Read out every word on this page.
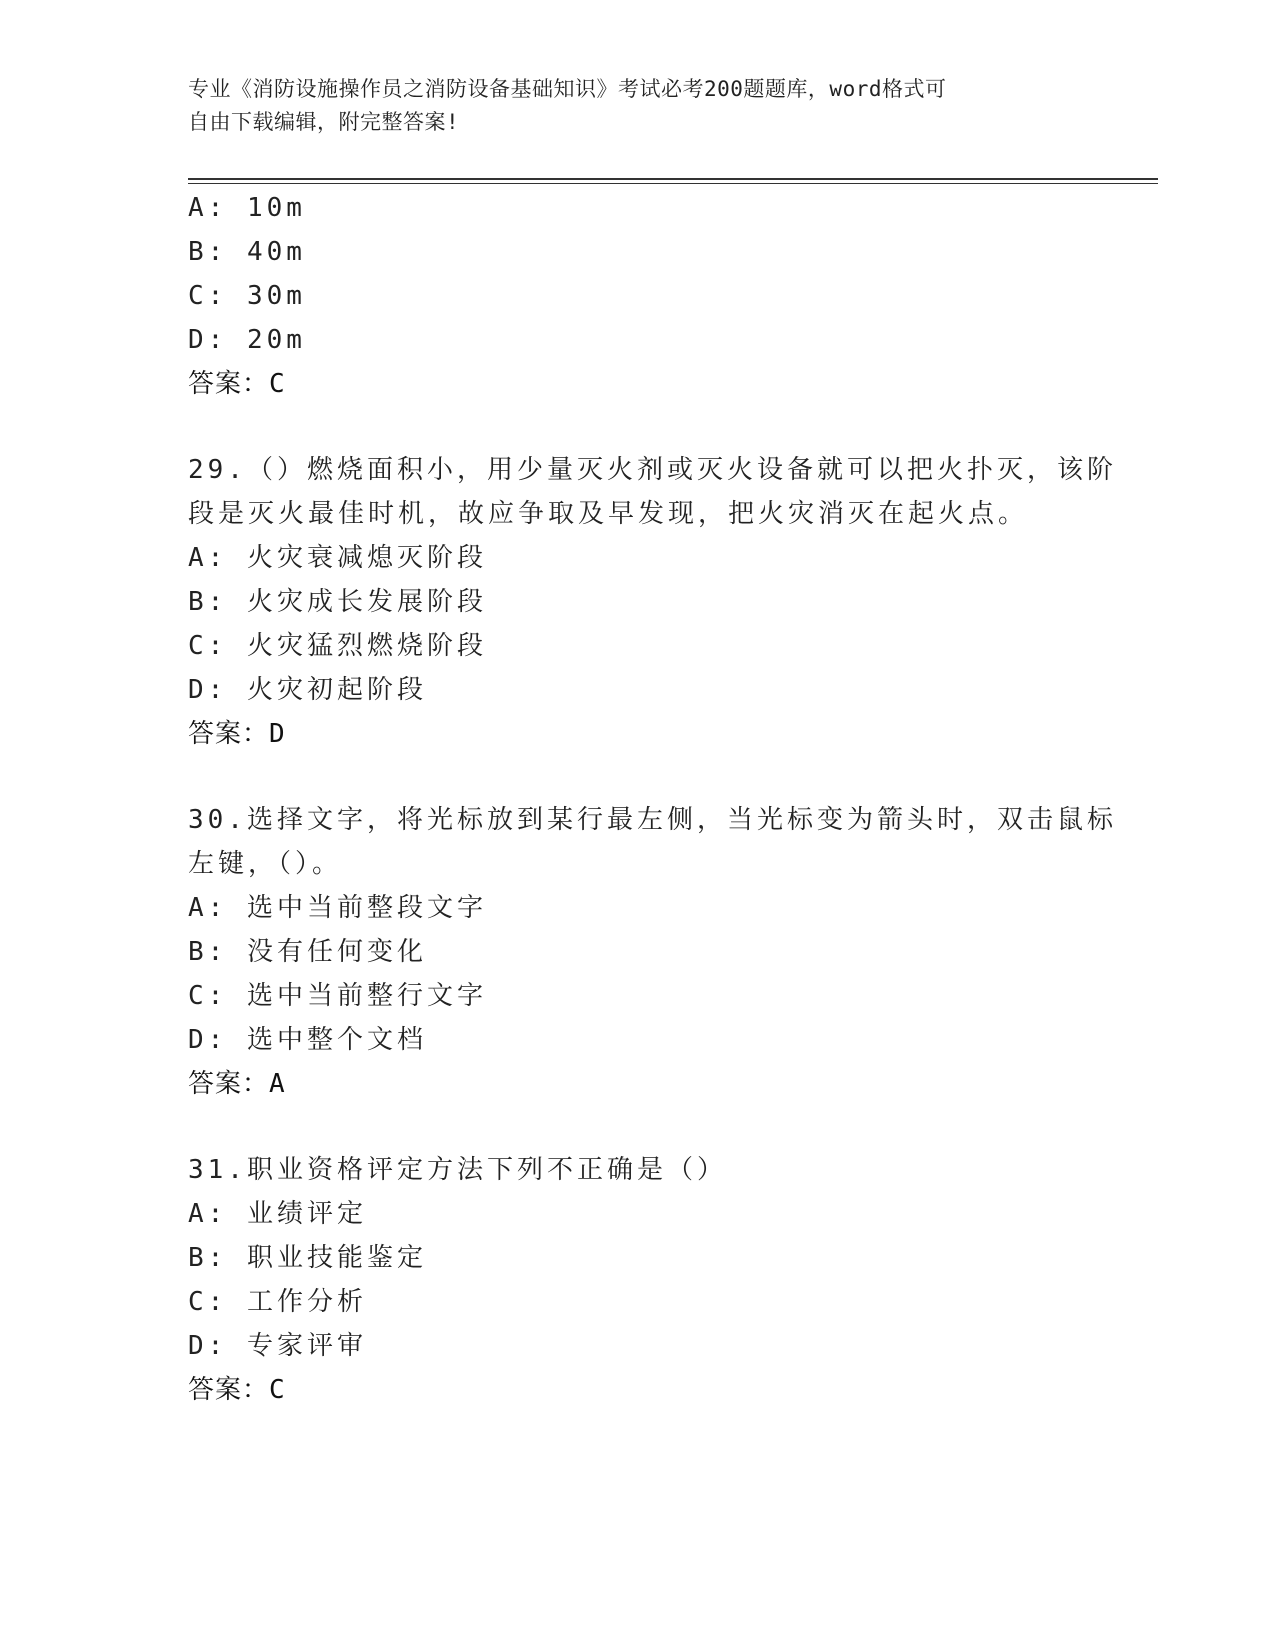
专业《消防设施操作员之消防设备基础知识》考试必考200题题库，word格式可
自由下载编辑，附完整答案!
A: 10m
B: 40m
C: 30m
D: 20m
答案：C
29.（）燃烧面积小，用少量灭火剂或灭火设备就可以把火扑灭，该阶
段是灭火最佳时机，故应争取及早发现，把火灾消灭在起火点。
A: 火灾衰减熄灭阶段
B: 火灾成长发展阶段
C: 火灾猛烈燃烧阶段
D: 火灾初起阶段
答案：D
30.选择文字，将光标放到某行最左侧，当光标变为箭头时，双击鼠标
左键，（）。
A: 选中当前整段文字
B: 没有任何变化
C: 选中当前整行文字
D: 选中整个文档
答案：A
31.职业资格评定方法下列不正确是（）
A: 业绩评定
B: 职业技能鉴定
C: 工作分析
D: 专家评审
答案：C
